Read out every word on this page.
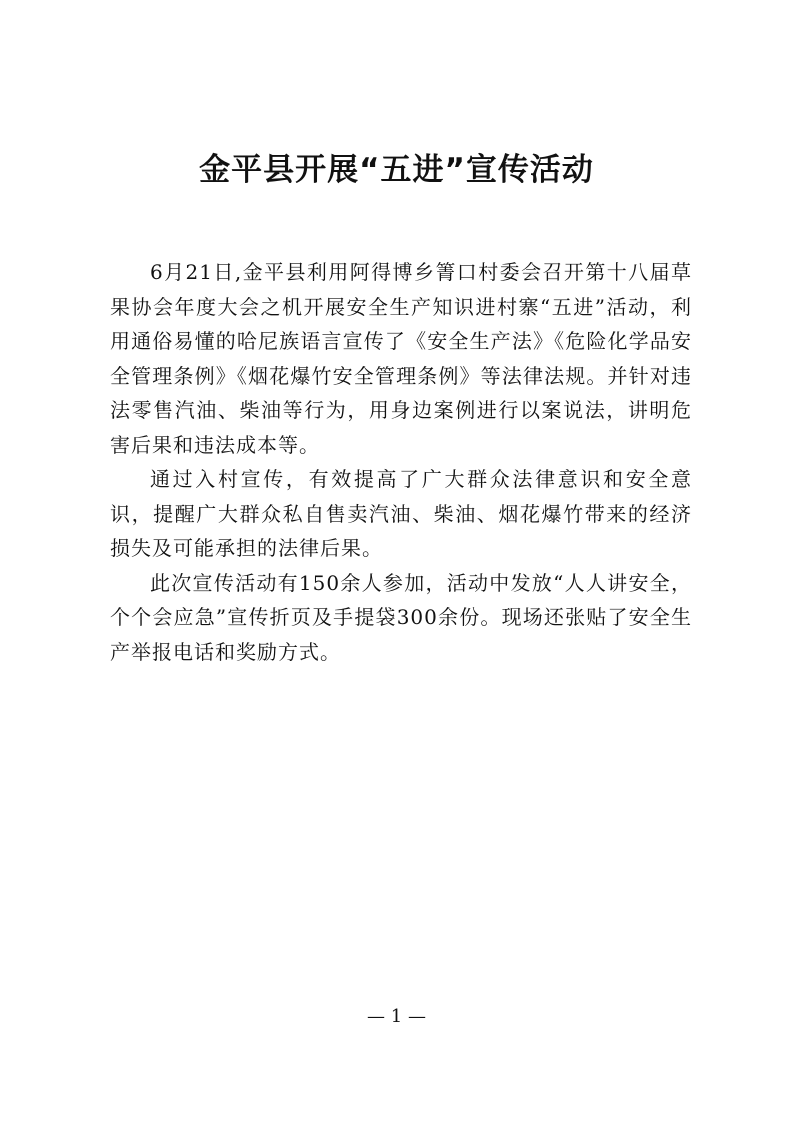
金平县开展“五进”宣传活动

6月21日,金平县利用阿得博乡箐口村委会召开第十八届草果协会年度大会之机开展安全生产知识进村寨“五进”活动，利用通俗易懂的哈尼族语言宣传了《安全生产法》《危险化学品安全管理条例》《烟花爆竹安全管理条例》等法律法规。并针对违法零售汽油、柴油等行为，用身边案例进行以案说法，讲明危害后果和违法成本等。

通过入村宣传，有效提高了广大群众法律意识和安全意识，提醒广大群众私自售卖汽油、柴油、烟花爆竹带来的经济损失及可能承担的法律后果。

此次宣传活动有150余人参加，活动中发放“人人讲安全，个个会应急”宣传折页及手提袋300余份。现场还张贴了安全生产举报电话和奖励方式。

— 1 —
